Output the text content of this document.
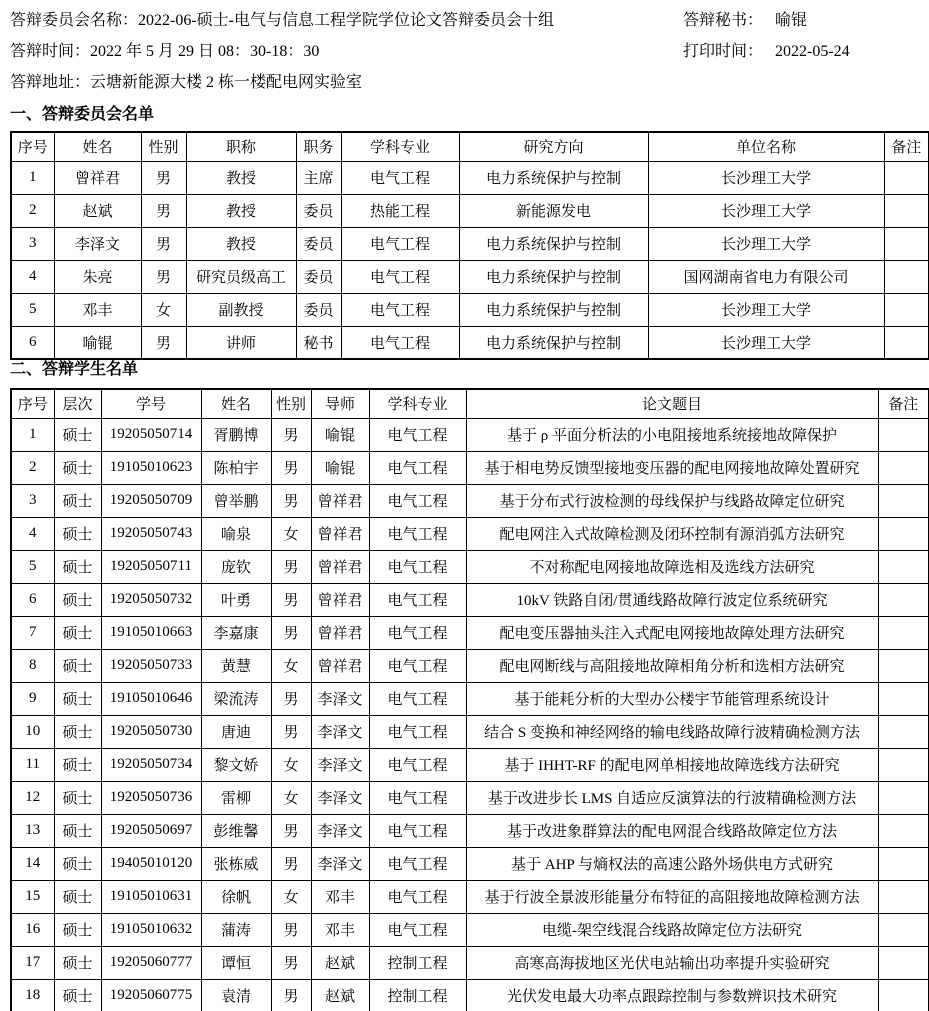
答辩委员会名称：2022-06-硕士-电气与信息工程学院学位论文答辩委员会十组	答辩秘书： 喻锟
答辩时间：2022 年 5 月 29 日 08：30-18：30	打印时间： 2022-05-24
答辩地址：云塘新能源大楼 2 栋一楼配电网实验室
一、答辩委员会名单
序号	姓名	性别	职称	职务	学科专业	研究方向	单位名称	备注
1	曾祥君	男	教授	主席	电气工程	电力系统保护与控制	长沙理工大学	
2	赵斌	男	教授	委员	热能工程	新能源发电	长沙理工大学	
3	李泽文	男	教授	委员	电气工程	电力系统保护与控制	长沙理工大学	
4	朱亮	男	研究员级高工	委员	电气工程	电力系统保护与控制	国网湖南省电力有限公司	
5	邓丰	女	副教授	委员	电气工程	电力系统保护与控制	长沙理工大学	
6	喻锟	男	讲师	秘书	电气工程	电力系统保护与控制	长沙理工大学	
二、答辩学生名单
序号	层次	学号	姓名	性别	导师	学科专业	论文题目	备注
1	硕士	19205050714	胥鹏博	男	喻锟	电气工程	基于 ρ 平面分析法的小电阻接地系统接地故障保护	
2	硕士	19105010623	陈柏宇	男	喻锟	电气工程	基于相电势反馈型接地变压器的配电网接地故障处置研究	
3	硕士	19205050709	曾举鹏	男	曾祥君	电气工程	基于分布式行波检测的母线保护与线路故障定位研究	
4	硕士	19205050743	喻泉	女	曾祥君	电气工程	配电网注入式故障检测及闭环控制有源消弧方法研究	
5	硕士	19205050711	庞钦	男	曾祥君	电气工程	不对称配电网接地故障选相及选线方法研究	
6	硕士	19205050732	叶勇	男	曾祥君	电气工程	10kV 铁路自闭/贯通线路故障行波定位系统研究	
7	硕士	19105010663	李嘉康	男	曾祥君	电气工程	配电变压器抽头注入式配电网接地故障处理方法研究	
8	硕士	19205050733	黄慧	女	曾祥君	电气工程	配电网断线与高阻接地故障相角分析和选相方法研究	
9	硕士	19105010646	梁流涛	男	李泽文	电气工程	基于能耗分析的大型办公楼宇节能管理系统设计	
10	硕士	19205050730	唐迪	男	李泽文	电气工程	结合 S 变换和神经网络的输电线路故障行波精确检测方法	
11	硕士	19205050734	黎文娇	女	李泽文	电气工程	基于 IHHT-RF 的配电网单相接地故障选线方法研究	
12	硕士	19205050736	雷柳	女	李泽文	电气工程	基于改进步长 LMS 自适应反演算法的行波精确检测方法	
13	硕士	19205050697	彭维馨	男	李泽文	电气工程	基于改进象群算法的配电网混合线路故障定位方法	
14	硕士	19405010120	张栋威	男	李泽文	电气工程	基于 AHP 与熵权法的高速公路外场供电方式研究	
15	硕士	19105010631	徐帆	女	邓丰	电气工程	基于行波全景波形能量分布特征的高阻接地故障检测方法	
16	硕士	19105010632	蒲涛	男	邓丰	电气工程	电缆-架空线混合线路故障定位方法研究	
17	硕士	19205060777	谭恒	男	赵斌	控制工程	高寒高海拔地区光伏电站输出功率提升实验研究	
18	硕士	19205060775	袁清	男	赵斌	控制工程	光伏发电最大功率点跟踪控制与参数辨识技术研究	
